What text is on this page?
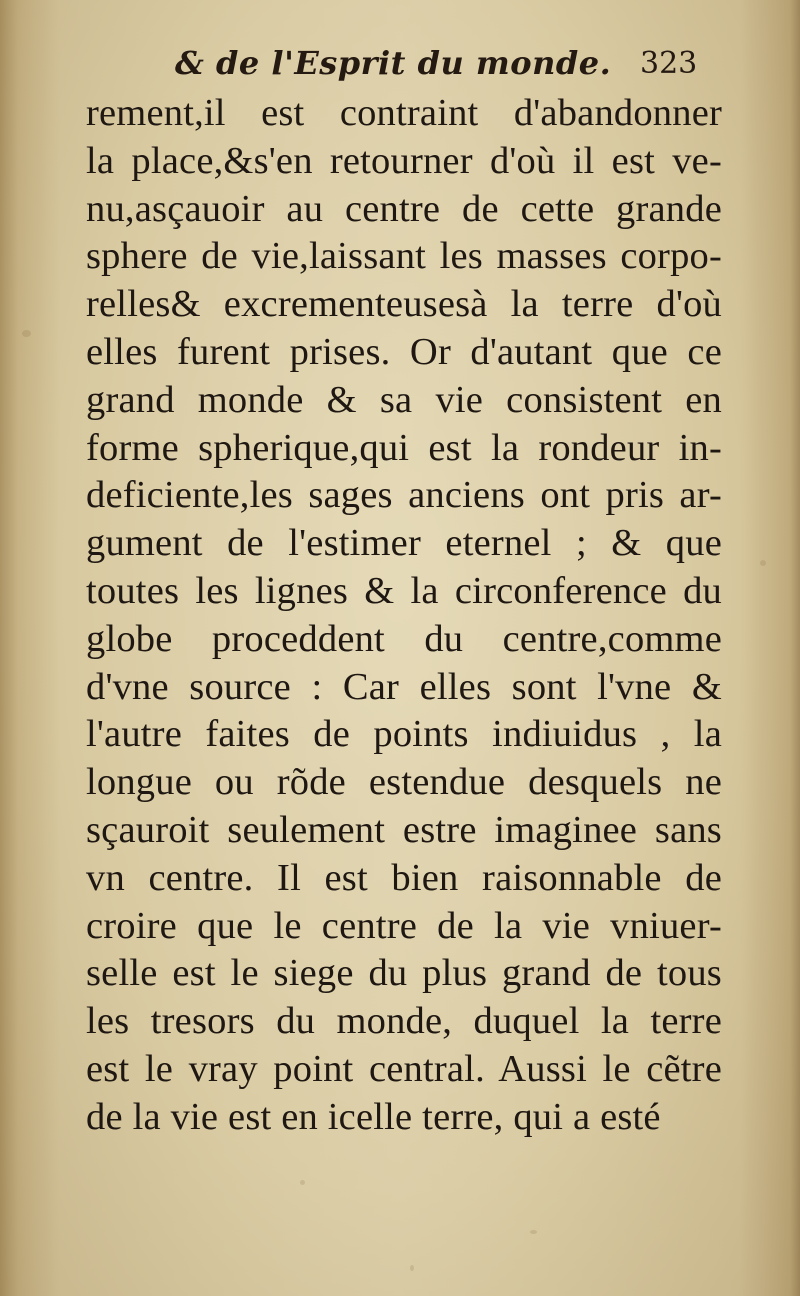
& de l'Esprit du monde. 323
rement,il est contraint d'abandonner
la place,&s'en retourner d'où il est ve-
nu,asçauoir au centre de cette grande
sphere de vie,laissant les masses corpo-
relles& excrementeusesà la terre d'où
elles furent prises. Or d'autant que ce
grand monde & sa vie consistent en
forme spherique,qui est la rondeur in-
deficiente,les sages anciens ont pris ar-
gument de l'estimer eternel ; & que
toutes les lignes & la circonference du
globe proceddent du centre,comme
d'vne source : Car elles sont l'vne &
l'autre faites de points indiuidus , la
longue ou rõde estendue desquels ne
sçauroit seulement estre imaginee sans
vn centre. Il est bien raisonnable de
croire que le centre de la vie vniuer-
selle est le siege du plus grand de tous
les tresors du monde, duquel la terre
est le vray point central. Aussi le cẽtre
de la vie est en icelle terre, qui a esté
